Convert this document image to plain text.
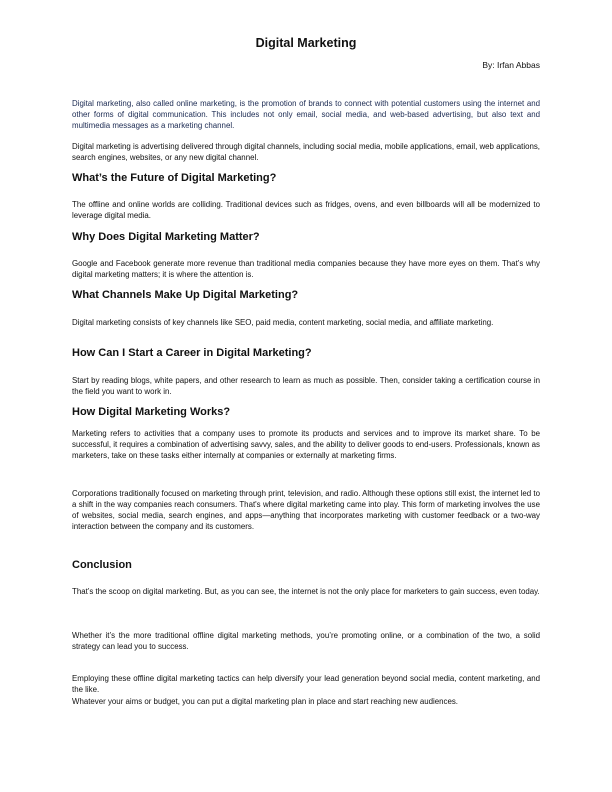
Digital Marketing

By: Irfan Abbas

Digital marketing, also called online marketing, is the promotion of brands to connect with potential customers using the internet and other forms of digital communication. This includes not only email, social media, and web-based advertising, but also text and multimedia messages as a marketing channel.

Digital marketing is advertising delivered through digital channels, including social media, mobile applications, email, web applications, search engines, websites, or any new digital channel.

What’s the Future of Digital Marketing?

The offline and online worlds are colliding. Traditional devices such as fridges, ovens, and even billboards will all be modernized to leverage digital media.

Why Does Digital Marketing Matter?

Google and Facebook generate more revenue than traditional media companies because they have more eyes on them. That’s why digital marketing matters; it is where the attention is.

What Channels Make Up Digital Marketing?

Digital marketing consists of key channels like SEO, paid media, content marketing, social media, and affiliate marketing.

How Can I Start a Career in Digital Marketing?

Start by reading blogs, white papers, and other research to learn as much as possible. Then, consider taking a certification course in the field you want to work in.

How Digital Marketing Works?

Marketing refers to activities that a company uses to promote its products and services and to improve its market share. To be successful, it requires a combination of advertising savvy, sales, and the ability to deliver goods to end-users. Professionals, known as marketers, take on these tasks either internally at companies or externally at marketing firms.

Corporations traditionally focused on marketing through print, television, and radio. Although these options still exist, the internet led to a shift in the way companies reach consumers. That's where digital marketing came into play. This form of marketing involves the use of websites, social media, search engines, and apps—anything that incorporates marketing with customer feedback or a two-way interaction between the company and its customers.

Conclusion

That’s the scoop on digital marketing. But, as you can see, the internet is not the only place for marketers to gain success, even today.

Whether it’s the more traditional offline digital marketing methods, you’re promoting online, or a combination of the two, a solid strategy can lead you to success.

Employing these offline digital marketing tactics can help diversify your lead generation beyond social media, content marketing, and the like.

Whatever your aims or budget, you can put a digital marketing plan in place and start reaching new audiences.
